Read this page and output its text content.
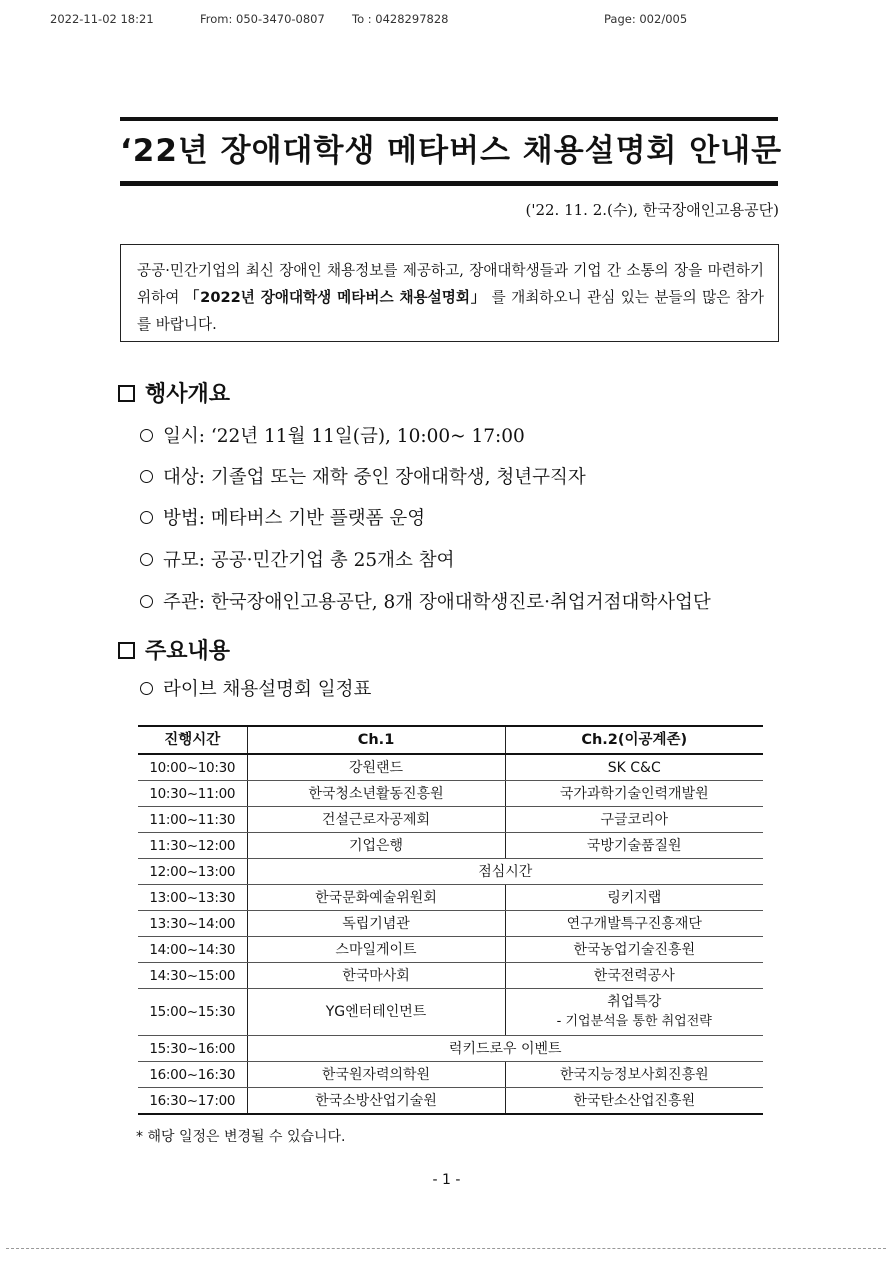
2022-11-02 18:21	From: 050-3470-0807 To : 0428297828	Page: 002/005
‘22년 장애대학생 메타버스 채용설명회 안내문
('22. 11. 2.(수), 한국장애인고용공단)
공공·민간기업의 최신 장애인 채용정보를 제공하고, 장애대학생들과 기업 간 소통의 장을 마련하기 위하여 「2022년 장애대학생 메타버스 채용설명회」 를 개최하오니 관심 있는 분들의 많은 참가를 바랍니다.
행사개요
일시: ‘22년 11월 11일(금), 10:00~ 17:00
대상: 기졸업 또는 재학 중인 장애대학생, 청년구직자
방법: 메타버스 기반 플랫폼 운영
규모: 공공·민간기업 총 25개소 참여
주관: 한국장애인고용공단, 8개 장애대학생진로·취업거점대학사업단
주요내용
라이브 채용설명회 일정표
진행시간	Ch.1	Ch.2(이공계존)
10:00~10:30	강원랜드	SK C&C
10:30~11:00	한국청소년활동진흥원	국가과학기술인력개발원
11:00~11:30	건설근로자공제회	구글코리아
11:30~12:00	기업은행	국방기술품질원
12:00~13:00	점심시간	
13:00~13:30	한국문화예술위원회	링키지랩
13:30~14:00	독립기념관	연구개발특구진흥재단
14:00~14:30	스마일게이트	한국농업기술진흥원
14:30~15:00	한국마사회	한국전력공사
15:00~15:30	YG엔터테인먼트	취업특강
- 기업분석을 통한 취업전략

15:30~16:00	럭키드로우 이벤트	
16:00~16:30	한국원자력의학원	한국지능정보사회진흥원
16:30~17:00	한국소방산업기술원	한국탄소산업진흥원
* 해당 일정은 변경될 수 있습니다.
- 1 -
